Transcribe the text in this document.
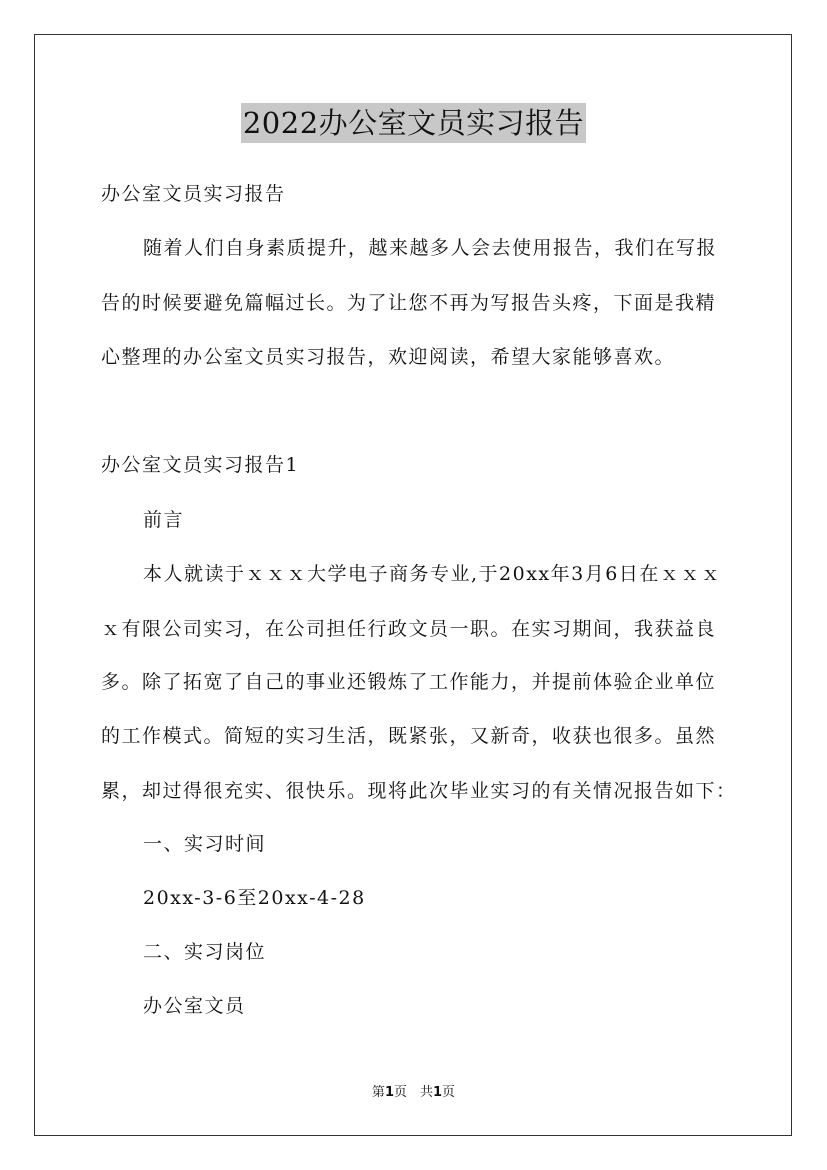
2022办公室文员实习报告
办公室文员实习报告
随着人们自身素质提升，越来越多人会去使用报告，我们在写报
告的时候要避免篇幅过长。为了让您不再为写报告头疼，下面是我精
心整理的办公室文员实习报告，欢迎阅读，希望大家能够喜欢。
办公室文员实习报告1
前言
本人就读于ｘｘｘ大学电子商务专业,于20xx年3月6日在ｘｘｘ
ｘ有限公司实习，在公司担任行政文员一职。在实习期间，我获益良
多。除了拓宽了自己的事业还锻炼了工作能力，并提前体验企业单位
的工作模式。简短的实习生活，既紧张，又新奇，收获也很多。虽然
累，却过得很充实、很快乐。现将此次毕业实习的有关情况报告如下：
一、实习时间
20xx-3-6至20xx-4-28
二、实习岗位
办公室文员
第1页　共1页
